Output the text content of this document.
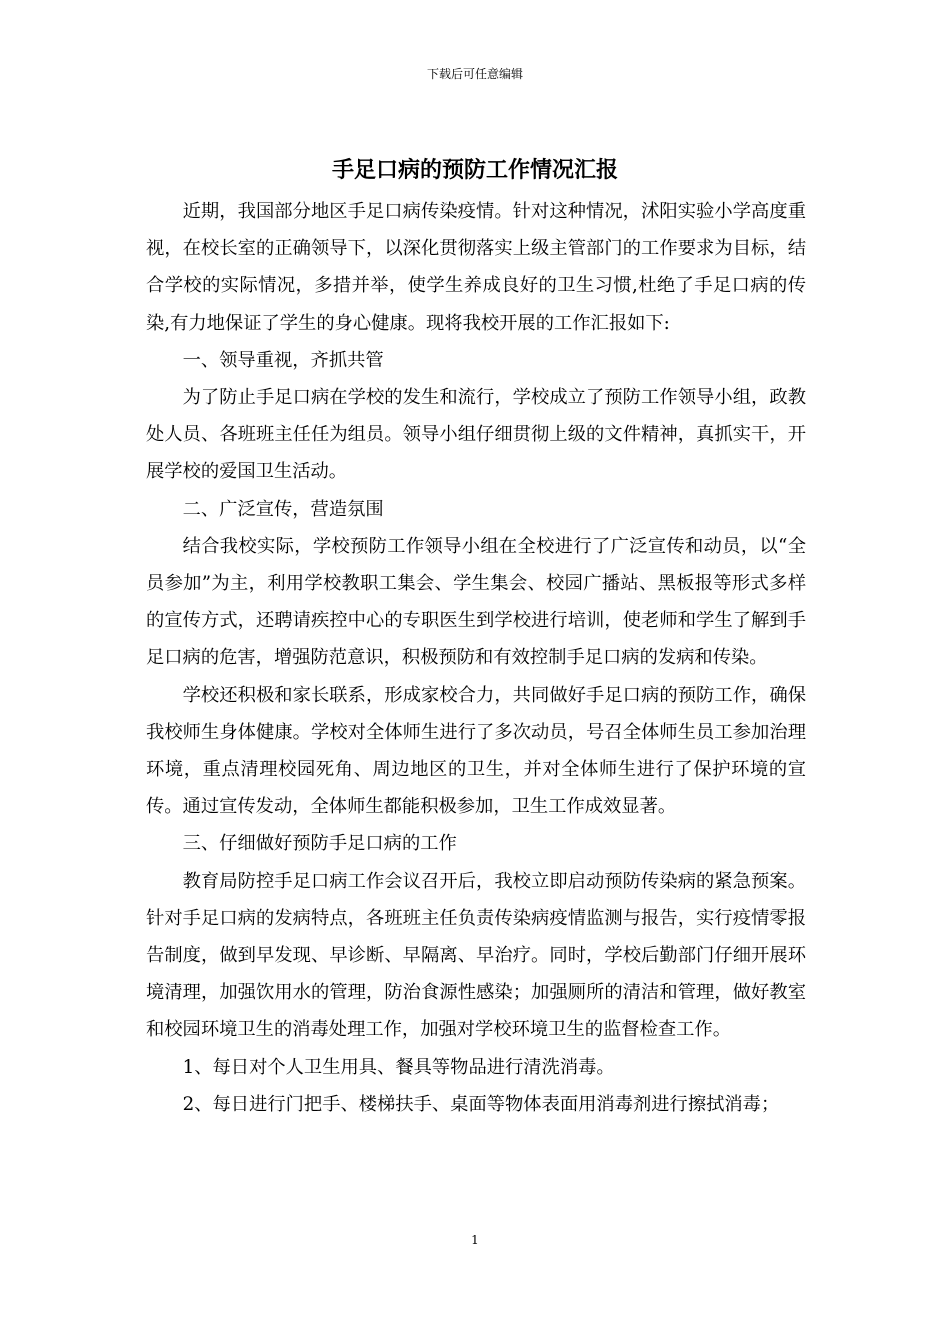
下载后可任意编辑
手足口病的预防工作情况汇报

近期，我国部分地区手足口病传染疫情。针对这种情况，沭阳实验小学高度重视，在校长室的正确领导下，以深化贯彻落实上级主管部门的工作要求为目标，结合学校的实际情况，多措并举，使学生养成良好的卫生习惯,杜绝了手足口病的传染,有力地保证了学生的身心健康。现将我校开展的工作汇报如下:

一、领导重视，齐抓共管

为了防止手足口病在学校的发生和流行，学校成立了预防工作领导小组，政教处人员、各班班主任任为组员。领导小组仔细贯彻上级的文件精神，真抓实干，开展学校的爱国卫生活动。

二、广泛宣传，营造氛围

结合我校实际，学校预防工作领导小组在全校进行了广泛宣传和动员，以“全员参加”为主，利用学校教职工集会、学生集会、校园广播站、黑板报等形式多样的宣传方式，还聘请疾控中心的专职医生到学校进行培训，使老师和学生了解到手足口病的危害，增强防范意识，积极预防和有效控制手足口病的发病和传染。

学校还积极和家长联系，形成家校合力，共同做好手足口病的预防工作，确保我校师生身体健康。学校对全体师生进行了多次动员，号召全体师生员工参加治理环境，重点清理校园死角、周边地区的卫生，并对全体师生进行了保护环境的宣传。通过宣传发动，全体师生都能积极参加，卫生工作成效显著。

三、仔细做好预防手足口病的工作

教育局防控手足口病工作会议召开后，我校立即启动预防传染病的紧急预案。针对手足口病的发病特点，各班班主任负责传染病疫情监测与报告，实行疫情零报告制度，做到早发现、早诊断、早隔离、早治疗。同时，学校后勤部门仔细开展环境清理，加强饮用水的管理，防治食源性感染；加强厕所的清洁和管理，做好教室和校园环境卫生的消毒处理工作，加强对学校环境卫生的监督检查工作。

1、每日对个人卫生用具、餐具等物品进行清洗消毒。

2、每日进行门把手、楼梯扶手、桌面等物体表面用消毒剂进行擦拭消毒；

1
